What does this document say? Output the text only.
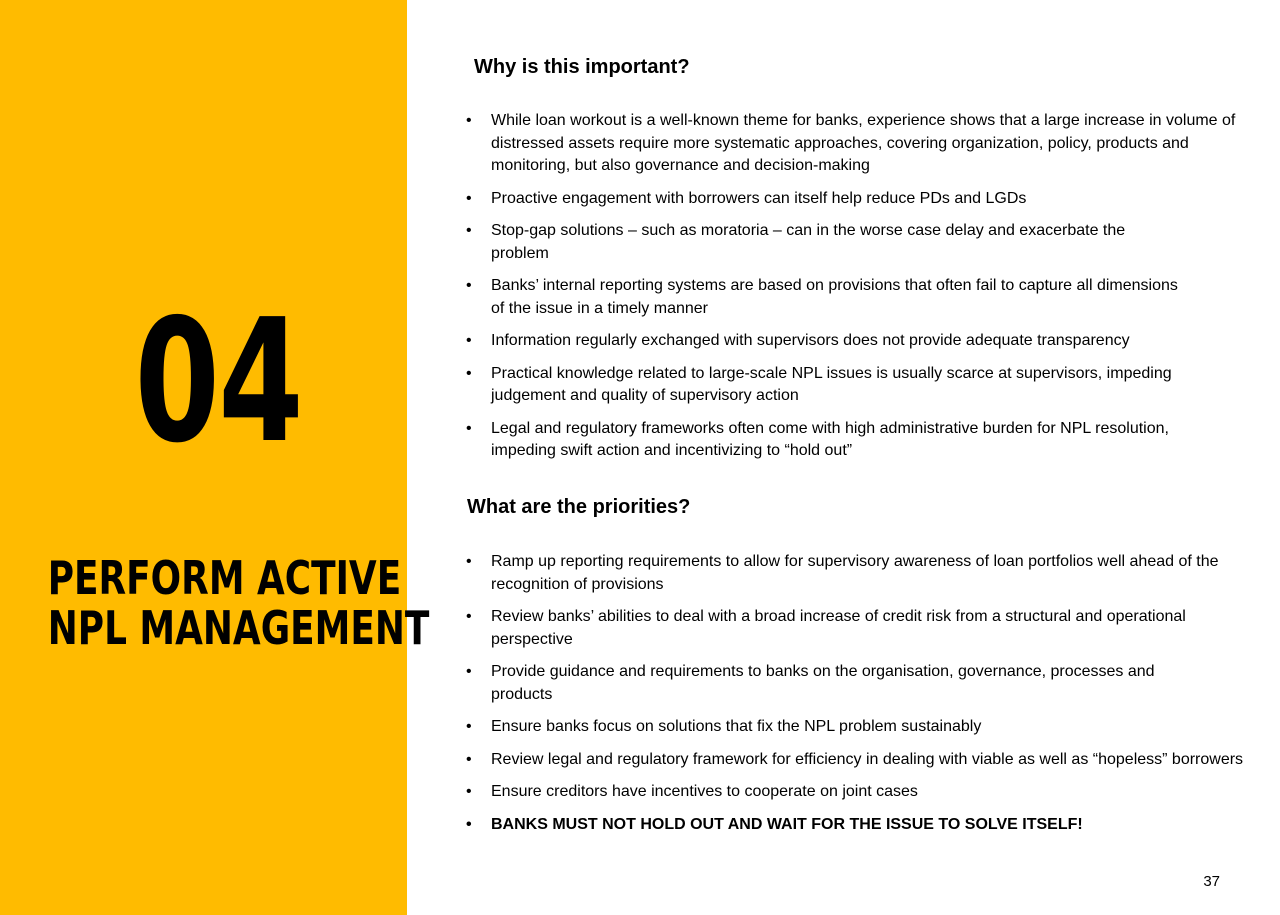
04
PERFORM ACTIVE
NPL MANAGEMENT
Why is this important?
• While loan workout is a well-known theme for banks, experience shows that a large increase in volume of distressed assets require more systematic approaches, covering organization, policy, products and monitoring, but also governance and decision-making
• Proactive engagement with borrowers can itself help reduce PDs and LGDs
• Stop-gap solutions – such as moratoria – can in the worse case delay and exacerbate the problem
• Banks’ internal reporting systems are based on provisions that often fail to capture all dimensions of the issue in a timely manner
• Information regularly exchanged with supervisors does not provide adequate transparency
• Practical knowledge related to large-scale NPL issues is usually scarce at supervisors, impeding judgement and quality of supervisory action
• Legal and regulatory frameworks often come with high administrative burden for NPL resolution, impeding swift action and incentivizing to “hold out”
What are the priorities?
• Ramp up reporting requirements to allow for supervisory awareness of loan portfolios well ahead of the recognition of provisions
• Review banks’ abilities to deal with a broad increase of credit risk from a structural and operational perspective
• Provide guidance and requirements to banks on the organisation, governance, processes and products
• Ensure banks focus on solutions that fix the NPL problem sustainably
• Review legal and regulatory framework for efficiency in dealing with viable as well as “hopeless” borrowers
• Ensure creditors have incentives to cooperate on joint cases
• BANKS MUST NOT HOLD OUT AND WAIT FOR THE ISSUE TO SOLVE ITSELF!
37
